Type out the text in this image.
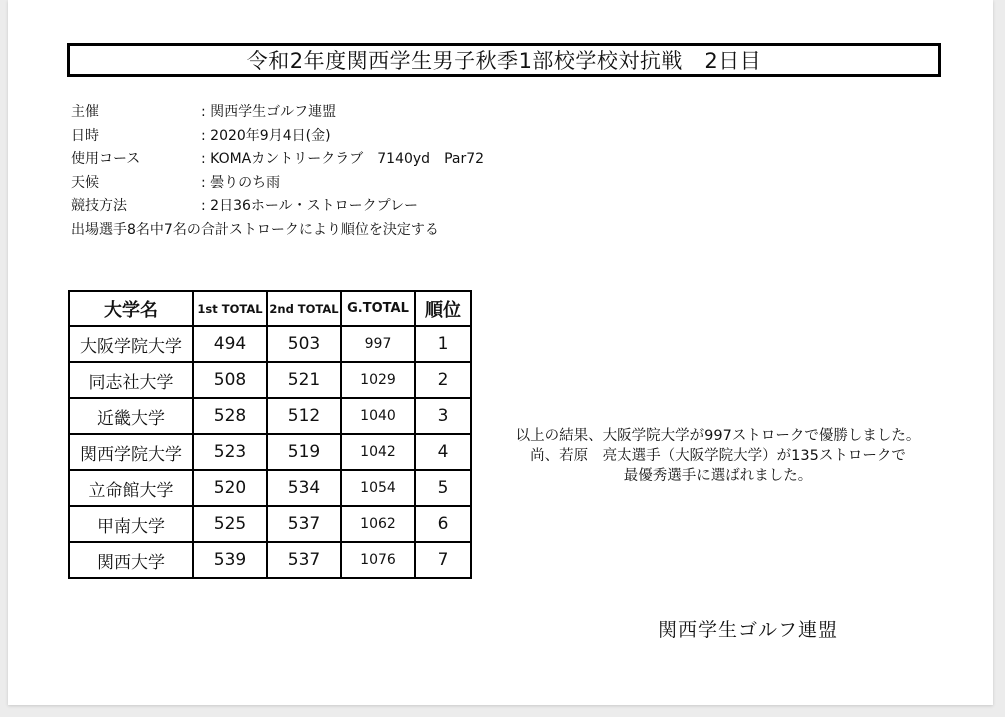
令和2年度関西学生男子秋季1部校学校対抗戦　2日目
主催	: 関西学生ゴルフ連盟
日時	: 2020年9月4日(金)
使用コース	: KOMAカントリークラブ　7140yd　Par72
天候	: 曇りのち雨
競技方法	: 2日36ホール・ストロークプレー
出場選手8名中7名の合計ストロークにより順位を決定する
大学名	1st TOTAL	2nd TOTAL	G.TOTAL	順位
大阪学院大学	494	503	997	1
同志社大学	508	521	1029	2
近畿大学	528	512	1040	3
関西学院大学	523	519	1042	4
立命館大学	520	534	1054	5
甲南大学	525	537	1062	6
関西大学	539	537	1076	7
以上の結果、大阪学院大学が997ストロークで優勝しました。
尚、若原　亮太選手（大阪学院大学）が135ストロークで
最優秀選手に選ばれました。
関西学生ゴルフ連盟
